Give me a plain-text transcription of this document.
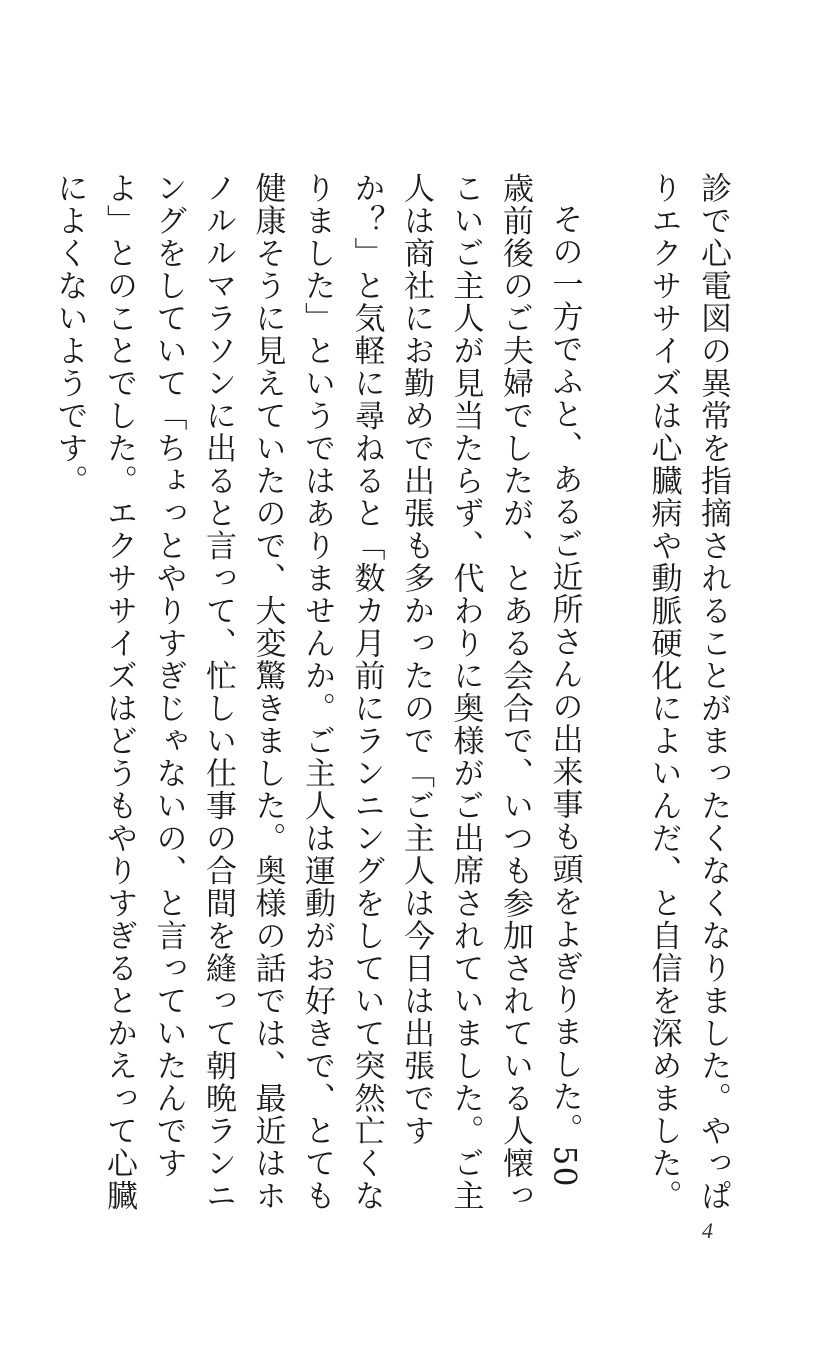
診で心電図の異常を指摘されることがまったくなくなりました。やっぱりエクササイズは心臓病や動脈硬化によいんだ、と自信を深めました。

その一方でふと、あるご近所さんの出来事も頭をよぎりました。50歳前後のご夫婦でしたが、とある会合で、いつも参加されている人懐っこいご主人が見当たらず、代わりに奥様がご出席されていました。ご主人は商社にお勤めで出張も多かったので「ご主人は今日は出張ですか？」と気軽に尋ねると「数カ月前にランニングをしていて突然亡くなりました」というではありませんか。ご主人は運動がお好きで、とても健康そうに見えていたので、大変驚きました。奥様の話では、最近はホノルルマラソンに出ると言って、忙しい仕事の合間を縫って朝晩ランニングをしていて「ちょっとやりすぎじゃないの、と言っていたんですよ」とのことでした。エクササイズはどうもやりすぎるとかえって心臓によくないようです。

4
